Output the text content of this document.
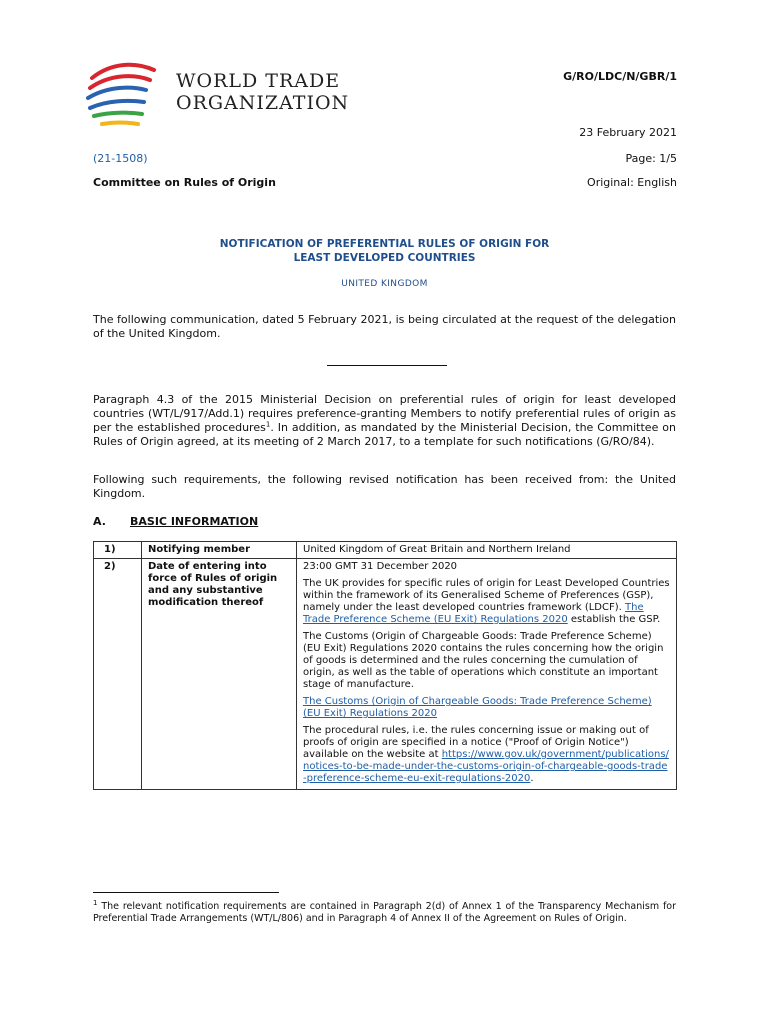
WORLD TRADE
ORGANIZATION
G/RO/LDC/N/GBR/1
23 February 2021
(21-1508)	Page: 1/5
Committee on Rules of Origin	Original: English
NOTIFICATION OF PREFERENTIAL RULES OF ORIGIN FOR
LEAST DEVELOPED COUNTRIES
UNITED KINGDOM
The following communication, dated 5 February 2021, is being circulated at the request of the delegation of the United Kingdom.
Paragraph 4.3 of the 2015 Ministerial Decision on preferential rules of origin for least developed countries (WT/L/917/Add.1) requires preference-granting Members to notify preferential rules of origin as per the established procedures$^1$. In addition, as mandated by the Ministerial Decision, the Committee on Rules of Origin agreed, at its meeting of 2 March 2017, to a template for such notifications (G/RO/84).
Following such requirements, the following revised notification has been received from: the United Kingdom.
A. BASIC INFORMATION
1)	Notifying member	United Kingdom of Great Britain and Northern Ireland
2)	Date of entering into force of Rules of origin and any substantive modification thereof	23:00 GMT 31 December 2020

The UK provides for specific rules of origin for Least Developed Countries within the framework of its Generalised Scheme of Preferences (GSP), namely under the least developed countries framework (LDCF). The Trade Preference Scheme (EU Exit) Regulations 2020 establish the GSP.

The Customs (Origin of Chargeable Goods: Trade Preference Scheme) (EU Exit) Regulations 2020 contains the rules concerning how the origin of goods is determined and the rules concerning the cumulation of origin, as well as the table of operations which constitute an important stage of manufacture.

The Customs (Origin of Chargeable Goods: Trade Preference Scheme) (EU Exit) Regulations 2020

The procedural rules, i.e. the rules concerning issue or making out of proofs of origin are specified in a notice ("Proof of Origin Notice") available on the website at https://www.gov.uk/government/publications/notices-to-be-made-under-the-customs-origin-of-chargeable-goods-trade-preference-scheme-eu-exit-regulations-2020.

$^1$ The relevant notification requirements are contained in Paragraph 2(d) of Annex 1 of the Transparency Mechanism for Preferential Trade Arrangements (WT/L/806) and in Paragraph 4 of Annex II of the Agreement on Rules of Origin.
